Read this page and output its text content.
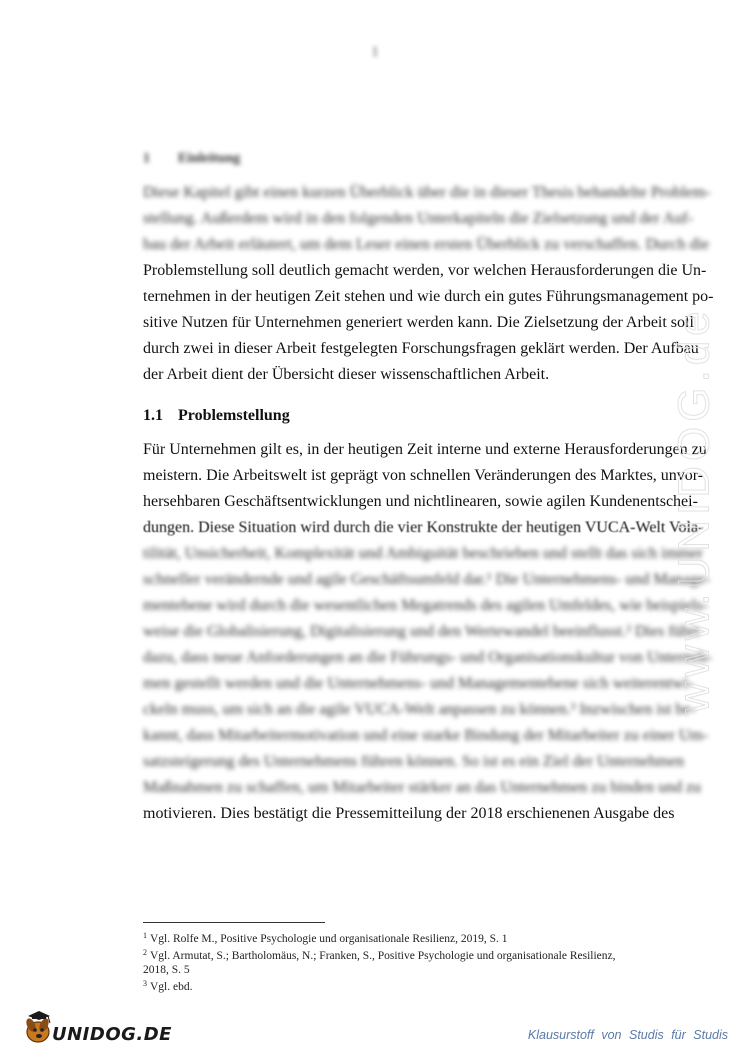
1
1 Einleitung

Diese Kapitel gibt einen kurzen Überblick über die in dieser Thesis behandelte Problem-
stellung. Außerdem wird in den folgenden Unterkapiteln die Zielsetzung und der Auf-
bau der Arbeit erläutert, um dem Leser einen ersten Überblick zu verschaffen. Durch die
Problemstellung soll deutlich gemacht werden, vor welchen Herausforderungen die Un-
ternehmen in der heutigen Zeit stehen und wie durch ein gutes Führungsmanagement po-
sitive Nutzen für Unternehmen generiert werden kann. Die Zielsetzung der Arbeit soll
durch zwei in dieser Arbeit festgelegten Forschungsfragen geklärt werden. Der Aufbau
der Arbeit dient der Übersicht dieser wissenschaftlichen Arbeit.

1.1 Problemstellung

Für Unternehmen gilt es, in der heutigen Zeit interne und externe Herausforderungen zu
meistern. Die Arbeitswelt ist geprägt von schnellen Veränderungen des Marktes, unvor-
hersehbaren Geschäftsentwicklungen und nichtlinearen, sowie agilen Kundenentschei-
dungen. Diese Situation wird durch die vier Konstrukte der heutigen VUCA-Welt Vola-
tilität, Unsicherheit, Komplexität und Ambiguität beschrieben und stellt das sich immer
schneller verändernde und agile Geschäftsumfeld dar.¹ Die Unternehmens- und Manage-
mentebene wird durch die wesentlichen Megatrends des agilen Umfeldes, wie beispiels-
weise die Globalisierung, Digitalisierung und den Wertewandel beeinflusst.² Dies führt
dazu, dass neue Anforderungen an die Führungs- und Organisationskultur von Unterneh-
men gestellt werden und die Unternehmens- und Managementebene sich weiterentwi-
ckeln muss, um sich an die agile VUCA-Welt anpassen zu können.³ Inzwischen ist be-
kannt, dass Mitarbeitermotivation und eine starke Bindung der Mitarbeiter zu einer Um-
satzsteigerung des Unternehmens führen können. So ist es ein Ziel der Unternehmen
Maßnahmen zu schaffen, um Mitarbeiter stärker an das Unternehmen zu binden und zu
motivieren. Dies bestätigt die Pressemitteilung der 2018 erschienenen Ausgabe des

$^1$ Vgl. Rolfe M., Positive Psychologie und organisationale Resilienz, 2019, S. 1
$^2$ Vgl. Armutat, S.; Bartholomäus, N.; Franken, S., Positive Psychologie und organisationale Resilienz, 2018, S. 5
$^3$ Vgl. ebd.
www.UNIDOG.de
UNIDOG.DE	Klausurstoff von Studis für Studis
